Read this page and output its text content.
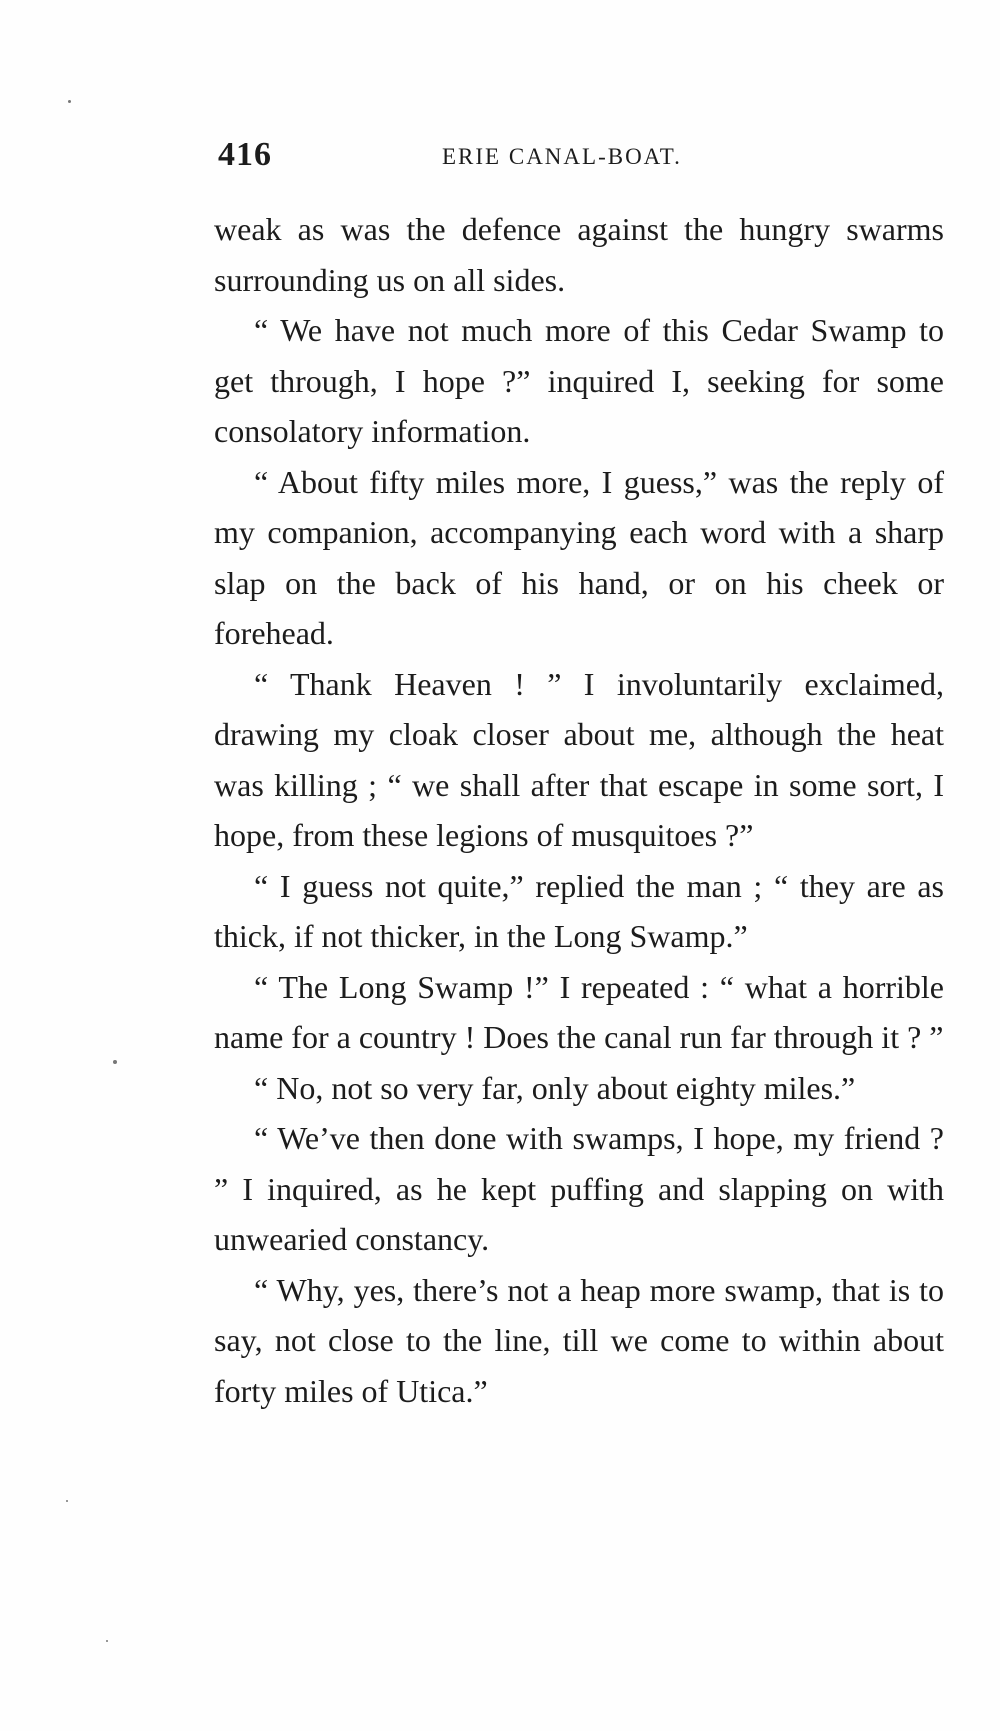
416	ERIE CANAL-BOAT.

weak as was the defence against the hungry swarms surrounding us on all sides.

“ We have not much more of this Cedar Swamp to get through, I hope ?” inquired I, seeking for some consolatory information.

“ About fifty miles more, I guess,” was the reply of my companion, accompanying each word with a sharp slap on the back of his hand, or on his cheek or forehead.

“ Thank Heaven ! ” I involuntarily exclaimed, drawing my cloak closer about me, although the heat was killing ; “ we shall after that escape in some sort, I hope, from these legions of musquitoes ?”

“ I guess not quite,” replied the man ; “ they are as thick, if not thicker, in the Long Swamp.”

“ The Long Swamp !” I repeated : “ what a horrible name for a country ! Does the canal run far through it ? ”

“ No, not so very far, only about eighty miles.”

“ We’ve then done with swamps, I hope, my friend ? ” I inquired, as he kept puffing and slapping on with unwearied constancy.

“ Why, yes, there’s not a heap more swamp, that is to say, not close to the line, till we come to within about forty miles of Utica.”
